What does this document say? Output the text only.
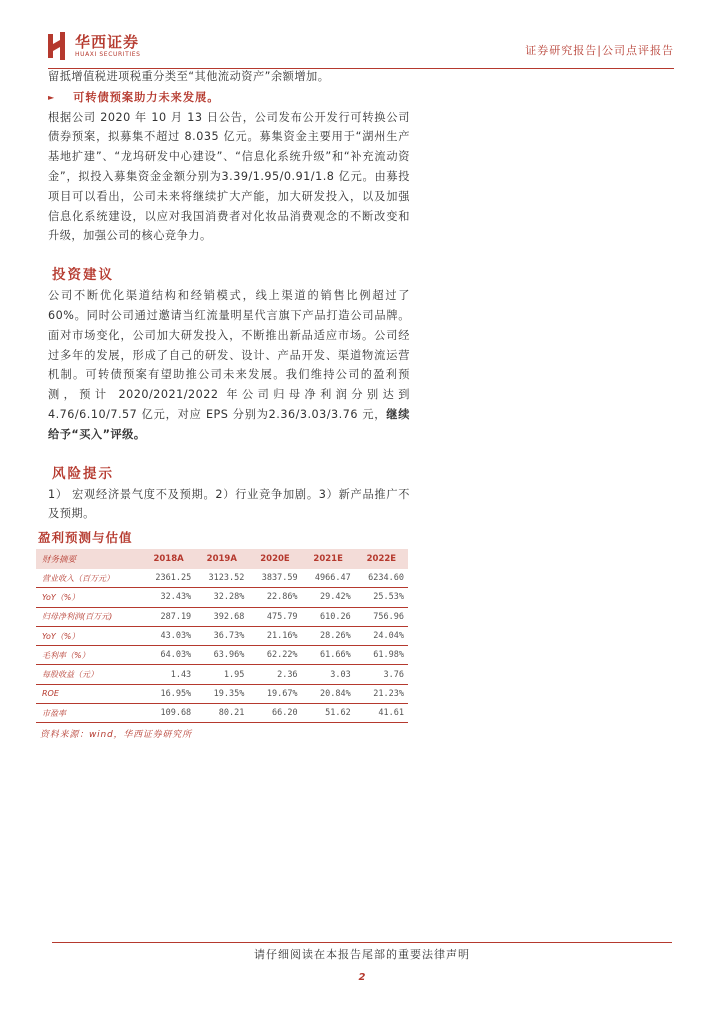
华西证券
HUAXI SECURITIES	证券研究报告|公司点评报告

留抵增值税进项税重分类至“其他流动资产”余额增加。

► 可转债预案助力未来发展。

根据公司 2020 年 10 月 13 日公告，公司发布公开发行可转换公司债券预案，拟募集不超过 8.035 亿元。募集资金主要用于“湖州生产基地扩建”、“龙坞研发中心建设”、“信息化系统升级”和“补充流动资金”，拟投入募集资金金额分别为3.39/1.95/0.91/1.8 亿元。由募投项目可以看出，公司未来将继续扩大产能，加大研发投入，以及加强信息化系统建设，以应对我国消费者对化妆品消费观念的不断改变和升级，加强公司的核心竞争力。

投资建议

公司不断优化渠道结构和经销模式，线上渠道的销售比例超过了 60%。同时公司通过邀请当红流量明星代言旗下产品打造公司品牌。面对市场变化，公司加大研发投入，不断推出新品适应市场。公司经过多年的发展，形成了自己的研发、设计、产品开发、渠道物流运营机制。可转债预案有望助推公司未来发展。我们维持公司的盈利预测，预计 2020/2021/2022 年公司归母净利润分别达到 4.76/6.10/7.57 亿元，对应 EPS 分别为2.36/3.03/3.76 元，继续给予“买入”评级。

风险提示

1） 宏观经济景气度不及预期。2）行业竞争加剧。3）新产品推广不及预期。

盈利预测与估值
财务摘要	2018A	2019A	2020E	2021E	2022E
营业收入（百万元）	2361.25	3123.52	3837.59	4966.47	6234.60
YoY（%）	32.43%	32.28%	22.86%	29.42%	25.53%
归母净利润(百万元)	287.19	392.68	475.79	610.26	756.96
YoY（%）	43.03%	36.73%	21.16%	28.26%	24.04%
毛利率（%）	64.03%	63.96%	62.22%	61.66%	61.98%
每股收益（元）	1.43	1.95	2.36	3.03	3.76
ROE	16.95%	19.35%	19.67%	20.84%	21.23%
市盈率	109.68	80.21	66.20	51.62	41.61
资料来源：wind，华西证券研究所
请仔细阅读在本报告尾部的重要法律声明
2
